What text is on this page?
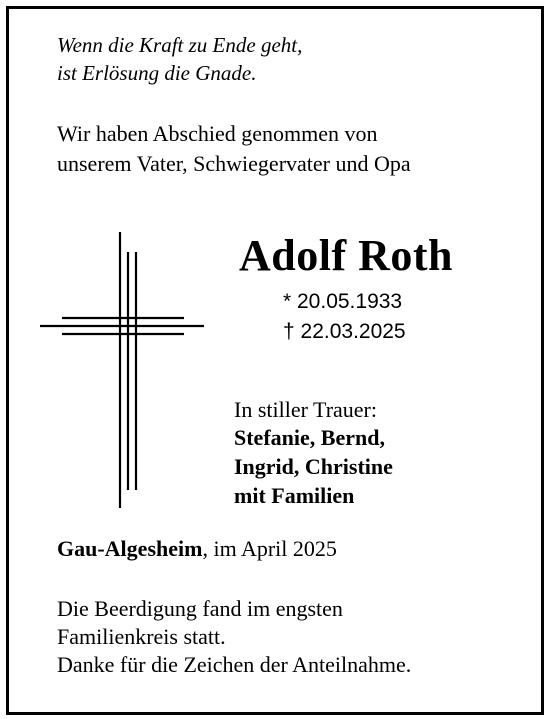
Wenn die Kraft zu Ende geht,
ist Erlösung die Gnade.
Wir haben Abschied genommen von
unserem Vater, Schwiegervater und Opa
Adolf Roth
* 20.05.1933
† 22.03.2025
In stiller Trauer:
Stefanie, Bernd,
Ingrid, Christine
mit Familien
Gau-Algesheim, im April 2025
Die Beerdigung fand im engsten
Familienkreis statt.
Danke für die Zeichen der Anteilnahme.
